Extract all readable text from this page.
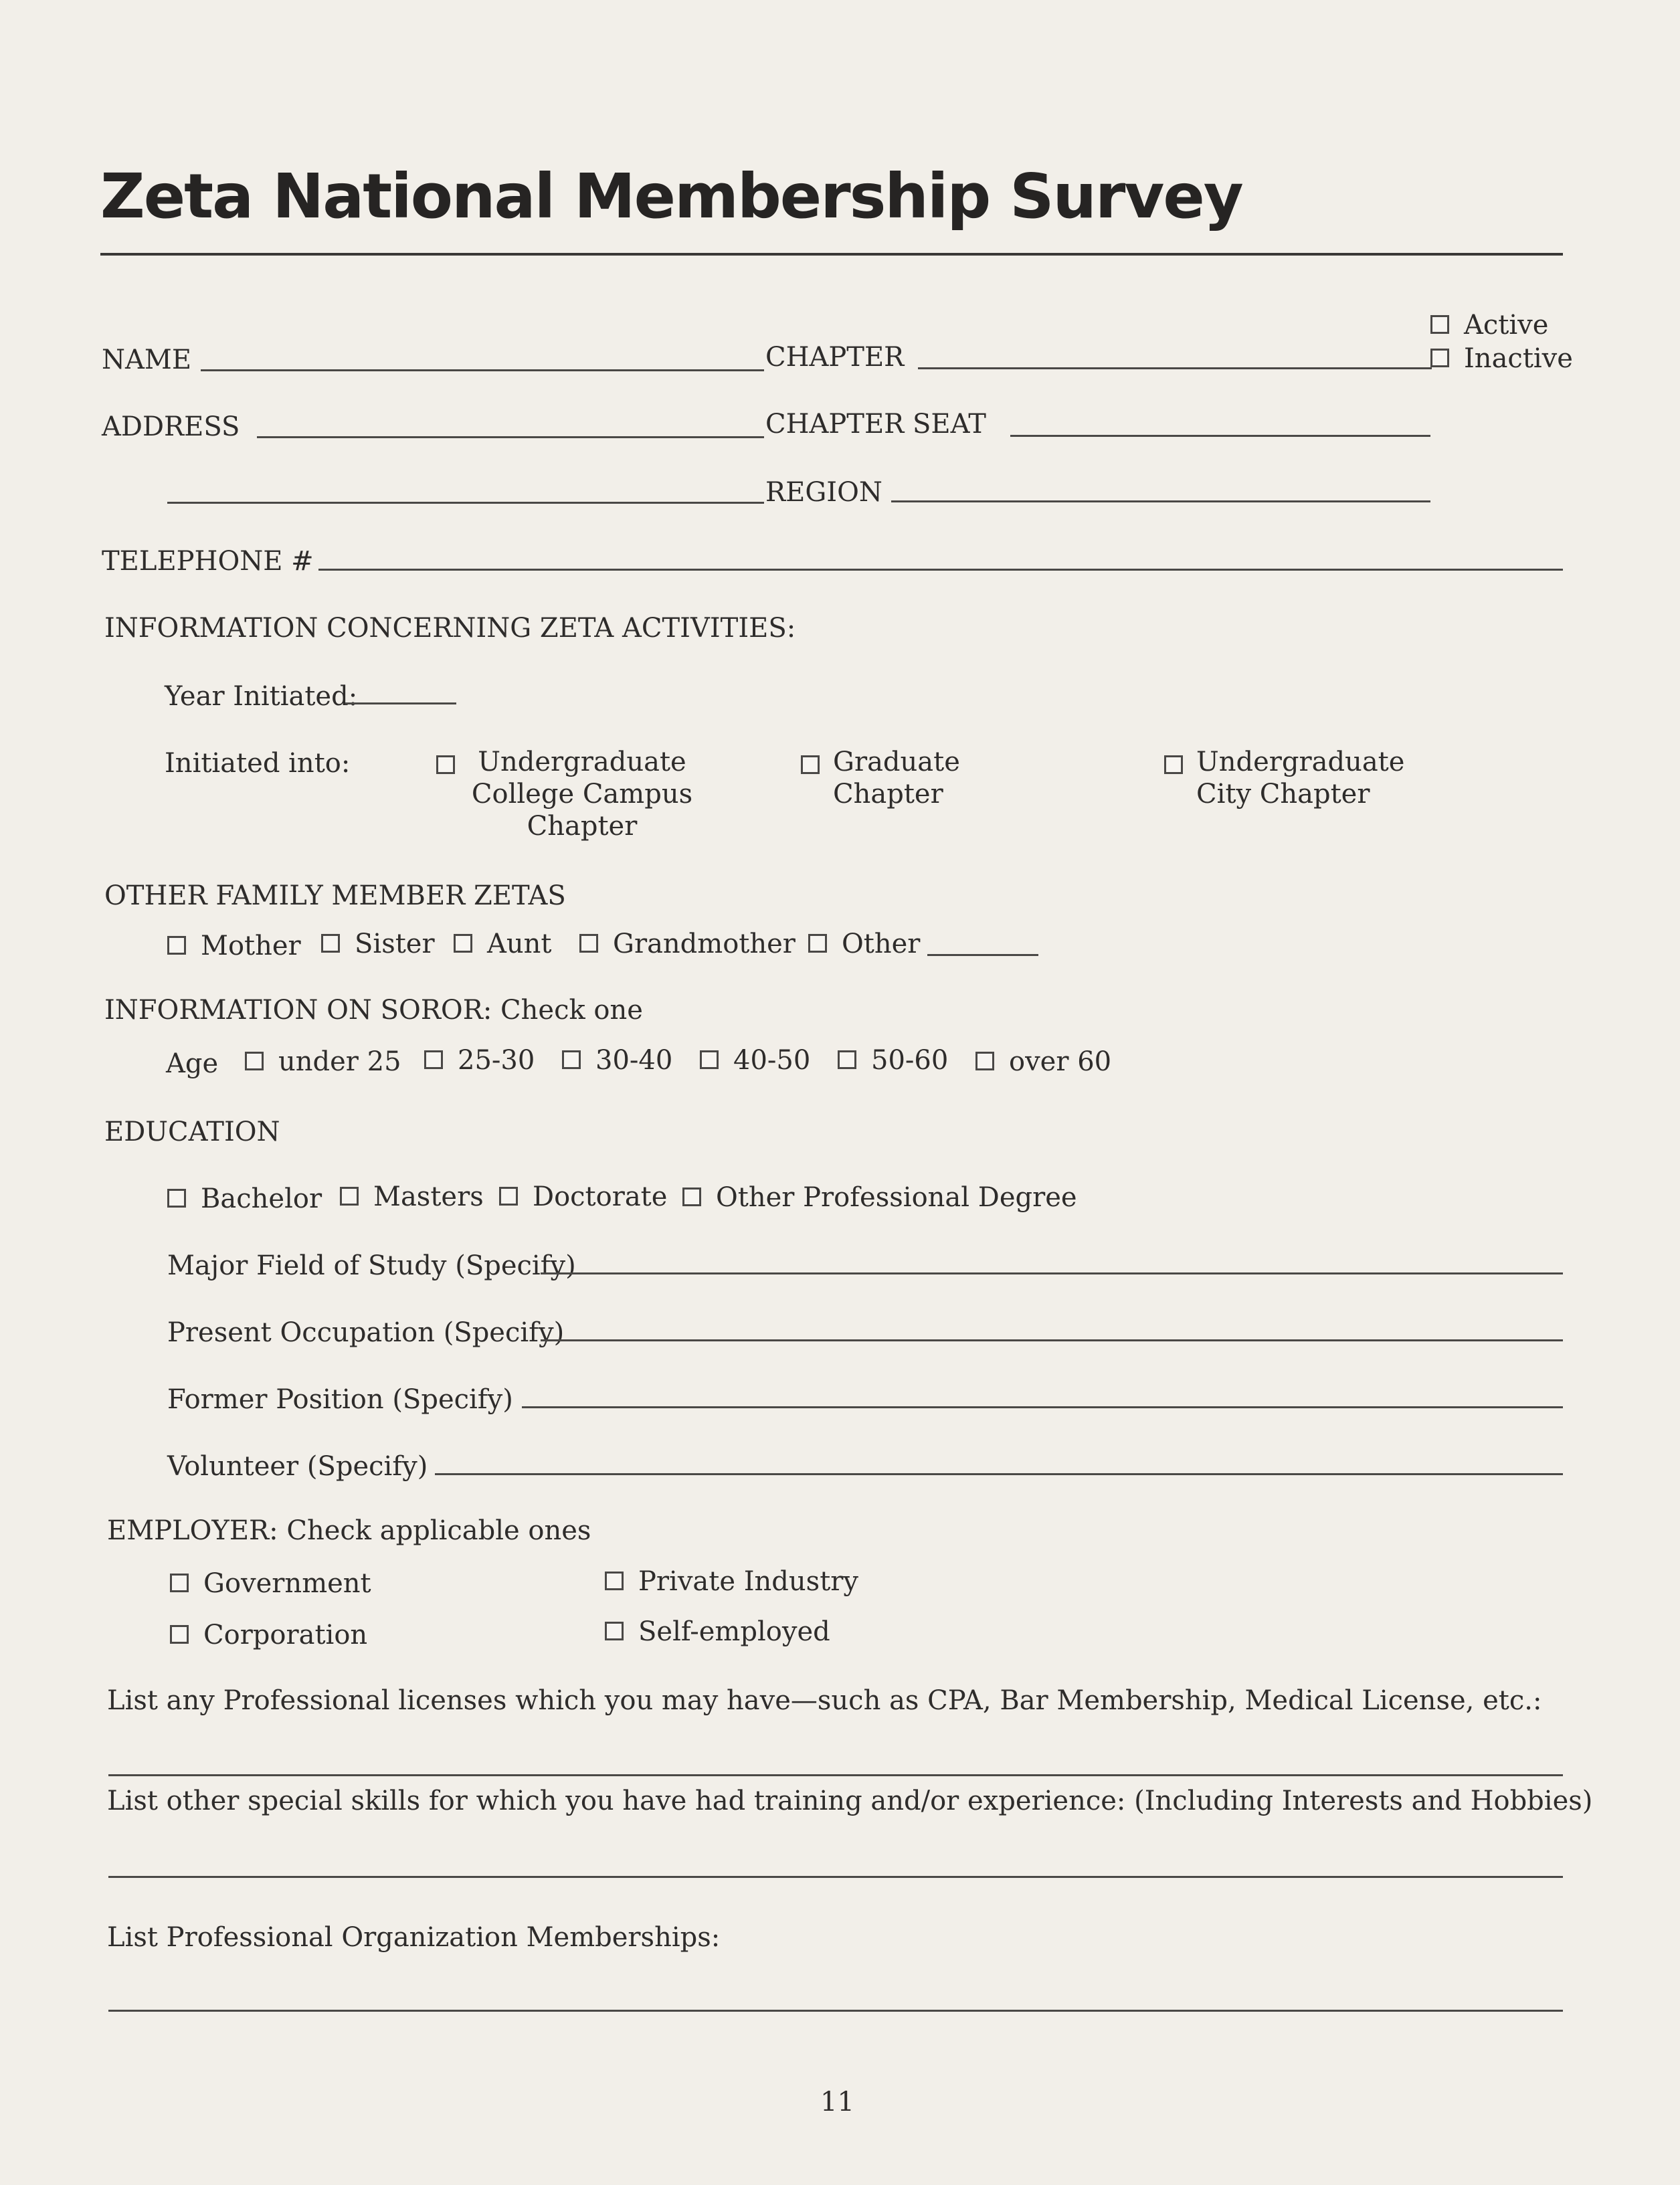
Zeta National Membership Survey
Active
Inactive
NAME	CHAPTER
ADDRESS	CHAPTER SEAT
REGION
TELEPHONE #
INFORMATION CONCERNING ZETA ACTIVITIES:
Year Initiated:
Initiated into:	Undergraduate College Campus Chapter
Graduate Chapter
Undergraduate City Chapter
OTHER FAMILY MEMBER ZETAS
Mother	Sister	Aunt	Grandmother	Other
INFORMATION ON SOROR: Check one
Age	under 25	25-30	30-40	40-50	50-60	over 60
EDUCATION
Bachelor	Masters	Doctorate	Other Professional Degree
Major Field of Study (Specify)
Present Occupation (Specify)
Former Position (Specify)
Volunteer (Specify)
EMPLOYER: Check applicable ones
Government	Private Industry
Corporation	Self-employed
List any Professional licenses which you may have—such as CPA, Bar Membership, Medical License, etc.:
List other special skills for which you have had training and/or experience: (Including Interests and Hobbies)
List Professional Organization Memberships:
11
